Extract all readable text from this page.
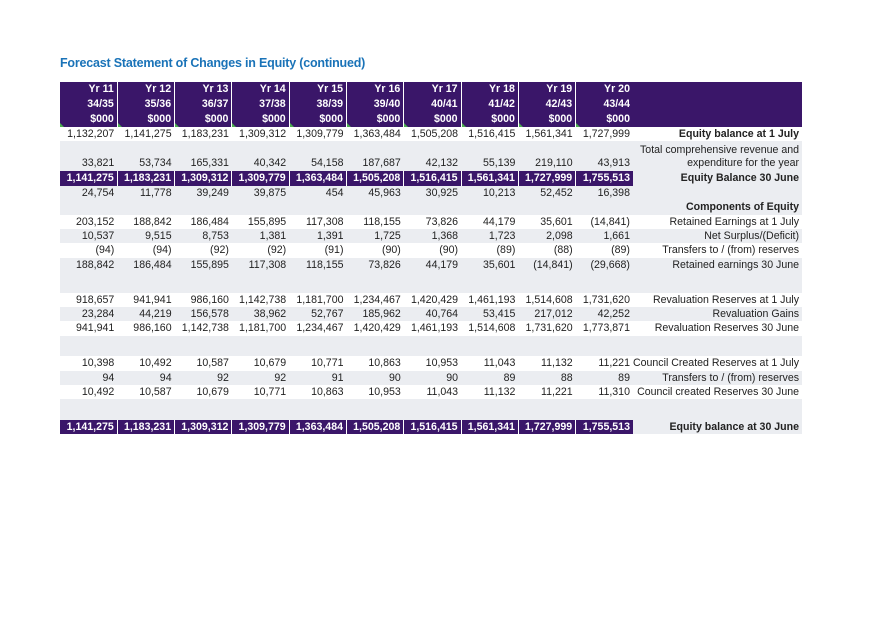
Forecast Statement of Changes in Equity (continued)
Yr 11	Yr 12	Yr 13	Yr 14	Yr 15	Yr 16	Yr 17	Yr 18	Yr 19	Yr 20	
34/35	35/36	36/37	37/38	38/39	39/40	40/41	41/42	42/43	43/44	
$000	$000	$000	$000	$000	$000	$000	$000	$000	$000	
1,132,207	1,141,275	1,183,231	1,309,312	1,309,779	1,363,484	1,505,208	1,516,415	1,561,341	1,727,999	Equity balance at 1 July
33,821	53,734	165,331	40,342	54,158	187,687	42,132	55,139	219,110	43,913	Total comprehensive revenue and expenditure for the year
1,141,275	1,183,231	1,309,312	1,309,779	1,363,484	1,505,208	1,516,415	1,561,341	1,727,999	1,755,513	Equity Balance 30 June
24,754	11,778	39,249	39,875	454	45,963	30,925	10,213	52,452	16,398	
										Components of Equity
203,152	188,842	186,484	155,895	117,308	118,155	73,826	44,179	35,601	(14,841)	Retained Earnings at 1 July
10,537	9,515	8,753	1,381	1,391	1,725	1,368	1,723	2,098	1,661	Net Surplus/(Deficit)
(94)	(94)	(92)	(92)	(91)	(90)	(90)	(89)	(88)	(89)	Transfers to / (from) reserves
188,842	186,484	155,895	117,308	118,155	73,826	44,179	35,601	(14,841)	(29,668)	Retained earnings 30 June

918,657	941,941	986,160	1,142,738	1,181,700	1,234,467	1,420,429	1,461,193	1,514,608	1,731,620	Revaluation Reserves at 1 July
23,284	44,219	156,578	38,962	52,767	185,962	40,764	53,415	217,012	42,252	Revaluation Gains
941,941	986,160	1,142,738	1,181,700	1,234,467	1,420,429	1,461,193	1,514,608	1,731,620	1,773,871	Revaluation Reserves 30 June

10,398	10,492	10,587	10,679	10,771	10,863	10,953	11,043	11,132	11,221	Council Created Reserves at 1 July
94	94	92	92	91	90	90	89	88	89	Transfers to / (from) reserves
10,492	10,587	10,679	10,771	10,863	10,953	11,043	11,132	11,221	11,310	Council created Reserves 30 June

1,141,275	1,183,231	1,309,312	1,309,779	1,363,484	1,505,208	1,516,415	1,561,341	1,727,999	1,755,513	Equity balance at 30 June
